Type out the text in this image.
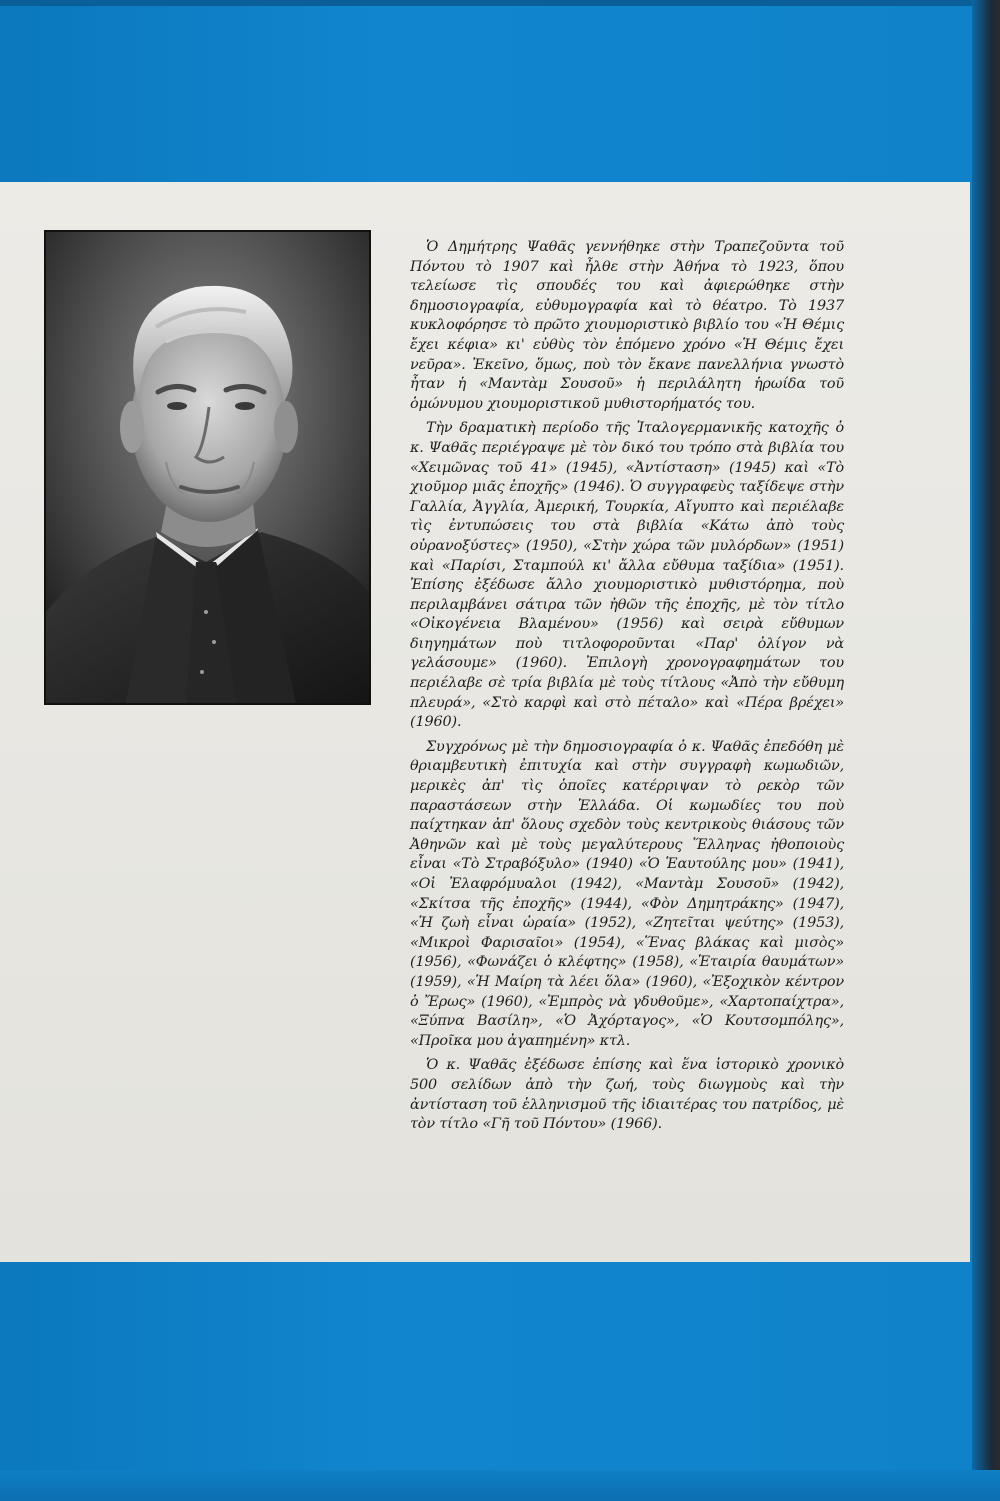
Ὁ Δημήτρης Ψαθᾶς γεννήθηκε στὴν Τραπεζοῦντα τοῦ Πόντου τὸ 1907 καὶ ἦλθε στὴν Ἀθήνα τὸ 1923, ὅπου τελείωσε τὶς σπουδές του καὶ ἀφιερώθηκε στὴν δημοσιογραφία, εὐθυμογραφία καὶ τὸ θέατρο. Τὸ 1937 κυκλοφόρησε τὸ πρῶτο χιουμοριστικὸ βιβλίο του «Ἡ Θέμις ἔχει κέφια» κι' εὐθὺς τὸν ἑπόμενο χρόνο «Ἡ Θέμις ἔχει νεῦρα». Ἐκεῖνο, ὅμως, ποὺ τὸν ἔκανε πανελλήνια γνωστὸ ἦταν ἡ «Μαντὰμ Σουσοῦ» ἡ περιλάλητη ἡρωίδα τοῦ ὁμώνυμου χιουμοριστικοῦ μυθιστορήματός του.

Τὴν δραματικὴ περίοδο τῆς Ἰταλογερμανικῆς κατοχῆς ὁ κ. Ψαθᾶς περιέγραψε μὲ τὸν δικό του τρόπο στὰ βιβλία του «Χειμῶνας τοῦ 41» (1945), «Ἀντίσταση» (1945) καὶ «Τὸ χιοῦμορ μιᾶς ἐποχῆς» (1946). Ὁ συγγραφεὺς ταξίδεψε στὴν Γαλλία, Ἀγγλία, Ἀμερική, Τουρκία, Αἴγυπτο καὶ περιέλαβε τὶς ἐντυπώσεις του στὰ βιβλία «Κάτω ἀπὸ τοὺς οὐρανοξύστες» (1950), «Στὴν χώρα τῶν μυλόρδων» (1951) καὶ «Παρίσι, Σταμπούλ κι' ἄλλα εὔθυμα ταξίδια» (1951). Ἐπίσης ἐξέδωσε ἄλλο χιουμοριστικὸ μυθιστόρημα, ποὺ περιλαμβάνει σάτιρα τῶν ἠθῶν τῆς ἐποχῆς, μὲ τὸν τίτλο «Οἰκογένεια Βλαμένου» (1956) καὶ σειρὰ εὔθυμων διηγημάτων ποὺ τιτλοφοροῦνται «Παρ' ὀλίγον νὰ γελάσουμε» (1960). Ἐπιλογὴ χρονογραφημάτων του περιέλαβε σὲ τρία βιβλία μὲ τοὺς τίτλους «Ἀπὸ τὴν εὔθυμη πλευρά», «Στὸ καρφὶ καὶ στὸ πέταλο» καὶ «Πέρα βρέχει» (1960).

Συγχρόνως μὲ τὴν δημοσιογραφία ὁ κ. Ψαθᾶς ἐπεδόθη μὲ θριαμβευτικὴ ἐπιτυχία καὶ στὴν συγγραφὴ κωμωδιῶν, μερικὲς ἀπ' τὶς ὁποῖες κατέρριψαν τὸ ρεκὸρ τῶν παραστάσεων στὴν Ἑλλάδα. Οἱ κωμωδίες του ποὺ παίχτηκαν ἀπ' ὅλους σχεδὸν τοὺς κεντρικοὺς θιάσους τῶν Ἀθηνῶν καὶ μὲ τοὺς μεγαλύτερους Ἕλληνας ἠθοποιοὺς εἶναι «Τὸ Στραβόξυλο» (1940) «Ὁ Ἑαυτούλης μου» (1941), «Οἱ Ἐλαφρόμυαλοι (1942), «Μαντὰμ Σουσοῦ» (1942), «Σκίτσα τῆς ἐποχῆς» (1944), «Φὸν Δημητράκης» (1947), «Ἡ ζωὴ εἶναι ὡραία» (1952), «Ζητεῖται ψεύτης» (1953), «Μικροὶ Φαρισαῖοι» (1954), «Ἕνας βλάκας καὶ μισὸς» (1956), «Φωνάζει ὁ κλέφτης» (1958), «Ἑταιρία θαυμάτων» (1959), «Ἡ Μαίρη τὰ λέει ὅλα» (1960), «Ἐξοχικὸν κέντρον ὁ Ἔρως» (1960), «Ἐμπρὸς νὰ γδυθοῦμε», «Χαρτοπαίχτρα», «Ξύπνα Βασίλη», «Ὁ Ἀχόρταγος», «Ὁ Κουτσομπόλης», «Προῖκα μου ἀγαπημένη» κτλ.

Ὁ κ. Ψαθᾶς ἐξέδωσε ἐπίσης καὶ ἕνα ἱστορικὸ χρονικὸ 500 σελίδων ἀπὸ τὴν ζωή, τοὺς διωγμοὺς καὶ τὴν ἀντίσταση τοῦ ἑλληνισμοῦ τῆς ἰδιαιτέρας του πατρίδος, μὲ τὸν τίτλο «Γῆ τοῦ Πόντου» (1966).
